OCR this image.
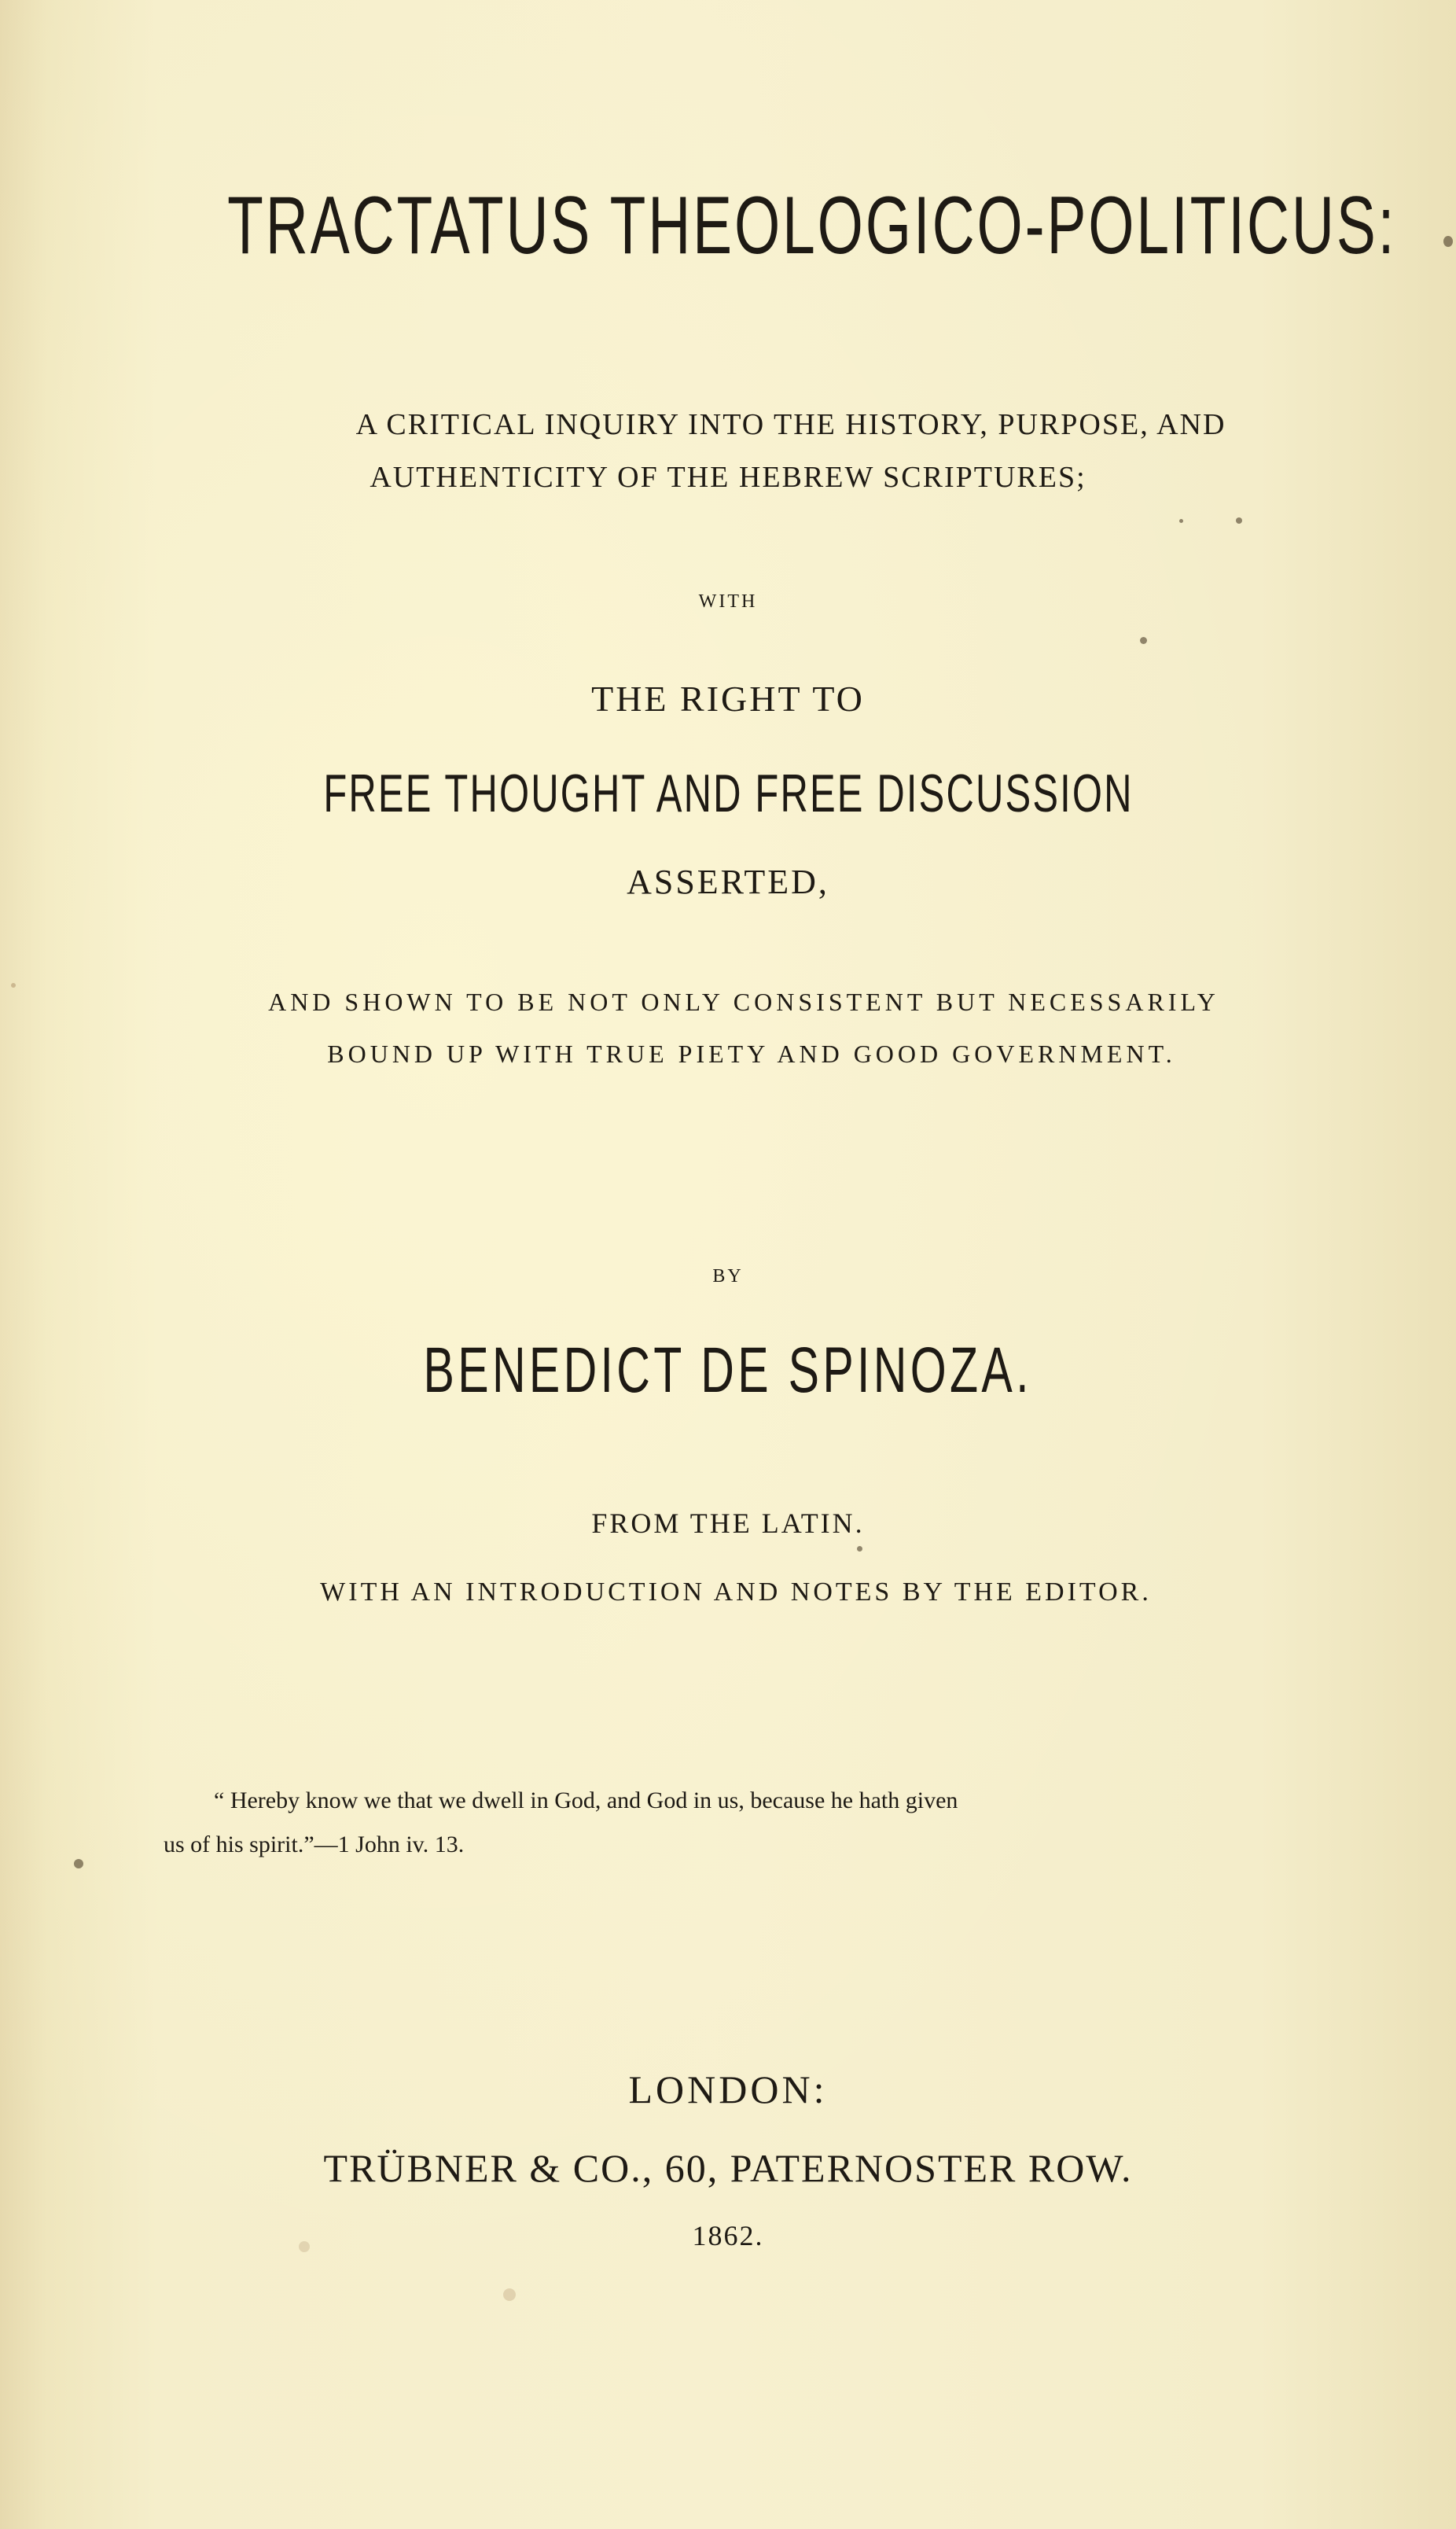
TRACTATUS THEOLOGICO-POLITICUS:
A CRITICAL INQUIRY INTO THE HISTORY, PURPOSE, AND
AUTHENTICITY OF THE HEBREW SCRIPTURES;
WITH
THE RIGHT TO
FREE THOUGHT AND FREE DISCUSSION
ASSERTED,
AND SHOWN TO BE NOT ONLY CONSISTENT BUT NECESSARILY
BOUND UP WITH TRUE PIETY AND GOOD GOVERNMENT.
BY
BENEDICT DE SPINOZA.
FROM THE LATIN.
WITH AN INTRODUCTION AND NOTES BY THE EDITOR.
“ Hereby know we that we dwell in God, and God in us, because he hath given
us of his spirit.”—1 John iv. 13.
LONDON:
TRÜBNER & CO., 60, PATERNOSTER ROW.
1862.
